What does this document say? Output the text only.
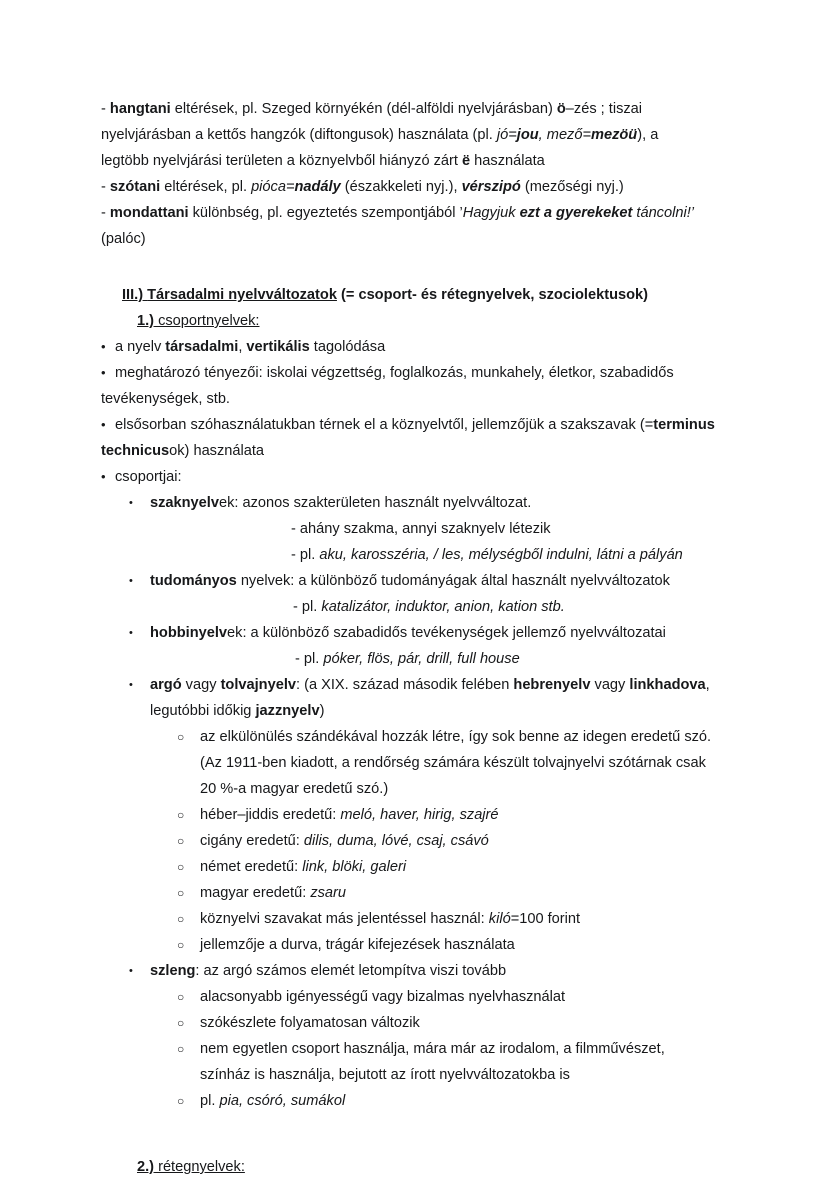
- hangtani eltérések, pl. Szeged környékén (dél-alföldi nyelvjárásban) ö–zés ; tiszai

nyelvjárásban a kettős hangzók (diftongusok) használata (pl. jó=jou, mező=mezöü), a

legtöbb nyelvjárási területen a köznyelvből hiányzó zárt ë használata

- szótani eltérések, pl. pióca=nadály (északkeleti nyj.), vérszipó (mezőségi nyj.)

- mondattani különbség, pl. egyeztetés szempontjából ’Hagyjuk ezt a gyerekeket táncolni!’

(palóc)

III.) Társadalmi nyelvváltozatok (= csoport- és rétegnyelvek, szociolektusok)

1.) csoportnyelvek:

• a nyelv társadalmi, vertikális tagolódása

• meghatározó tényezői: iskolai végzettség, foglalkozás, munkahely, életkor, szabadidős

tevékenységek, stb.

• elsősorban szóhasználatukban térnek el a köznyelvtől, jellemzőjük a szakszavak (=terminus

technicusok) használata

• csoportjai:

• szaknyelvek: azonos szakterületen használt nyelvváltozat.

- ahány szakma, annyi szaknyelv létezik

- pl. aku, karosszéria, / les, mélységből indulni, látni a pályán

• tudományos nyelvek: a különböző tudományágak által használt nyelvváltozatok

- pl. katalizátor, induktor, anion, kation stb.

• hobbinyelvek: a különböző szabadidős tevékenységek jellemző nyelvváltozatai

- pl. póker, flös, pár, drill, full house

• argó vagy tolvajnyelv: (a XIX. század második felében hebrenyelv vagy linkhadova,

legutóbbi időkig jazznyelv)

○ az elkülönülés szándékával hozzák létre, így sok benne az idegen eredetű szó.
(Az 1911-ben kiadott, a rendőrség számára készült tolvajnyelvi szótárnak csak
20 %-a magyar eredetű szó.)

○ héber–jiddis eredetű: meló, haver, hirig, szajré

○ cigány eredetű: dilis, duma, lóvé, csaj, csávó

○ német eredetű: link, blöki, galeri

○ magyar eredetű: zsaru

○ köznyelvi szavakat más jelentéssel használ: kiló=100 forint

○ jellemzője a durva, trágár kifejezések használata

• szleng: az argó számos elemét letompítva viszi tovább

○ alacsonyabb igényességű vagy bizalmas nyelvhasználat

○ szókészlete folyamatosan változik

○ nem egyetlen csoport használja, mára már az irodalom, a filmművészet,
színház is használja, bejutott az írott nyelvváltozatokba is

○ pl. pia, csóró, sumákol

2.) rétegnyelvek:
